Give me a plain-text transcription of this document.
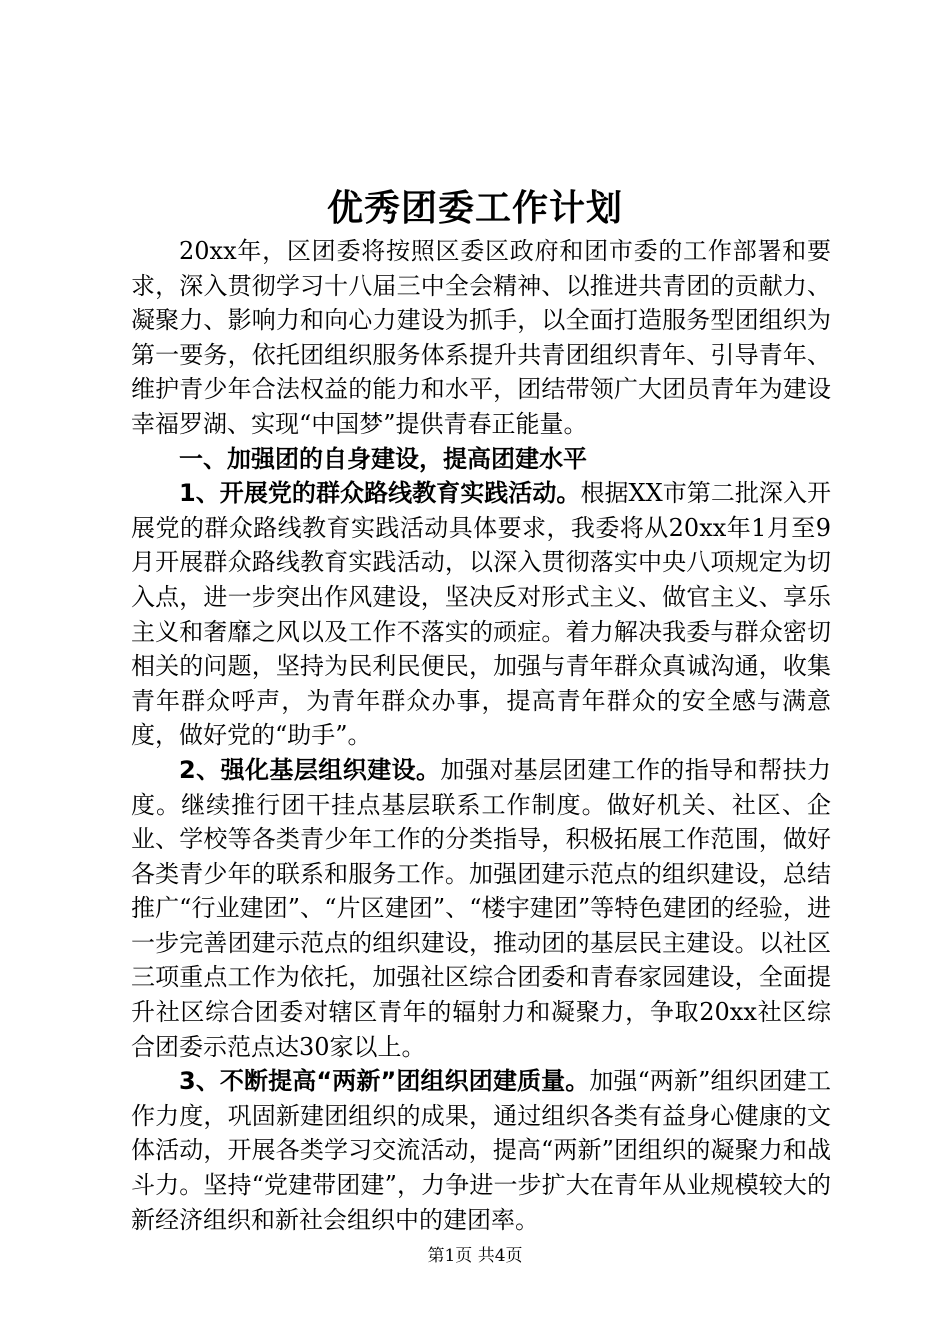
优秀团委工作计划

20xx年，区团委将按照区委区政府和团市委的工作部署和要求，深入贯彻学习十八届三中全会精神、以推进共青团的贡献力、凝聚力、影响力和向心力建设为抓手，以全面打造服务型团组织为第一要务，依托团组织服务体系提升共青团组织青年、引导青年、维护青少年合法权益的能力和水平，团结带领广大团员青年为建设幸福罗湖、实现“中国梦”提供青春正能量。

一、加强团的自身建设，提高团建水平

1、开展党的群众路线教育实践活动。根据XX市第二批深入开展党的群众路线教育实践活动具体要求，我委将从20xx年1月至9月开展群众路线教育实践活动，以深入贯彻落实中央八项规定为切入点，进一步突出作风建设，坚决反对形式主义、做官主义、享乐主义和奢靡之风以及工作不落实的顽症。着力解决我委与群众密切相关的问题，坚持为民利民便民，加强与青年群众真诚沟通，收集青年群众呼声，为青年群众办事，提高青年群众的安全感与满意度，做好党的“助手”。

2、强化基层组织建设。加强对基层团建工作的指导和帮扶力度。继续推行团干挂点基层联系工作制度。做好机关、社区、企业、学校等各类青少年工作的分类指导，积极拓展工作范围，做好各类青少年的联系和服务工作。加强团建示范点的组织建设，总结推广“行业建团”、“片区建团”、“楼宇建团”等特色建团的经验，进一步完善团建示范点的组织建设，推动团的基层民主建设。以社区三项重点工作为依托，加强社区综合团委和青春家园建设，全面提升社区综合团委对辖区青年的辐射力和凝聚力，争取20xx社区综合团委示范点达30家以上。

3、不断提高“两新”团组织团建质量。加强“两新”组织团建工作力度，巩固新建团组织的成果，通过组织各类有益身心健康的文体活动，开展各类学习交流活动，提高“两新”团组织的凝聚力和战斗力。坚持“党建带团建”，力争进一步扩大在青年从业规模较大的新经济组织和新社会组织中的建团率。

第1页 共4页
